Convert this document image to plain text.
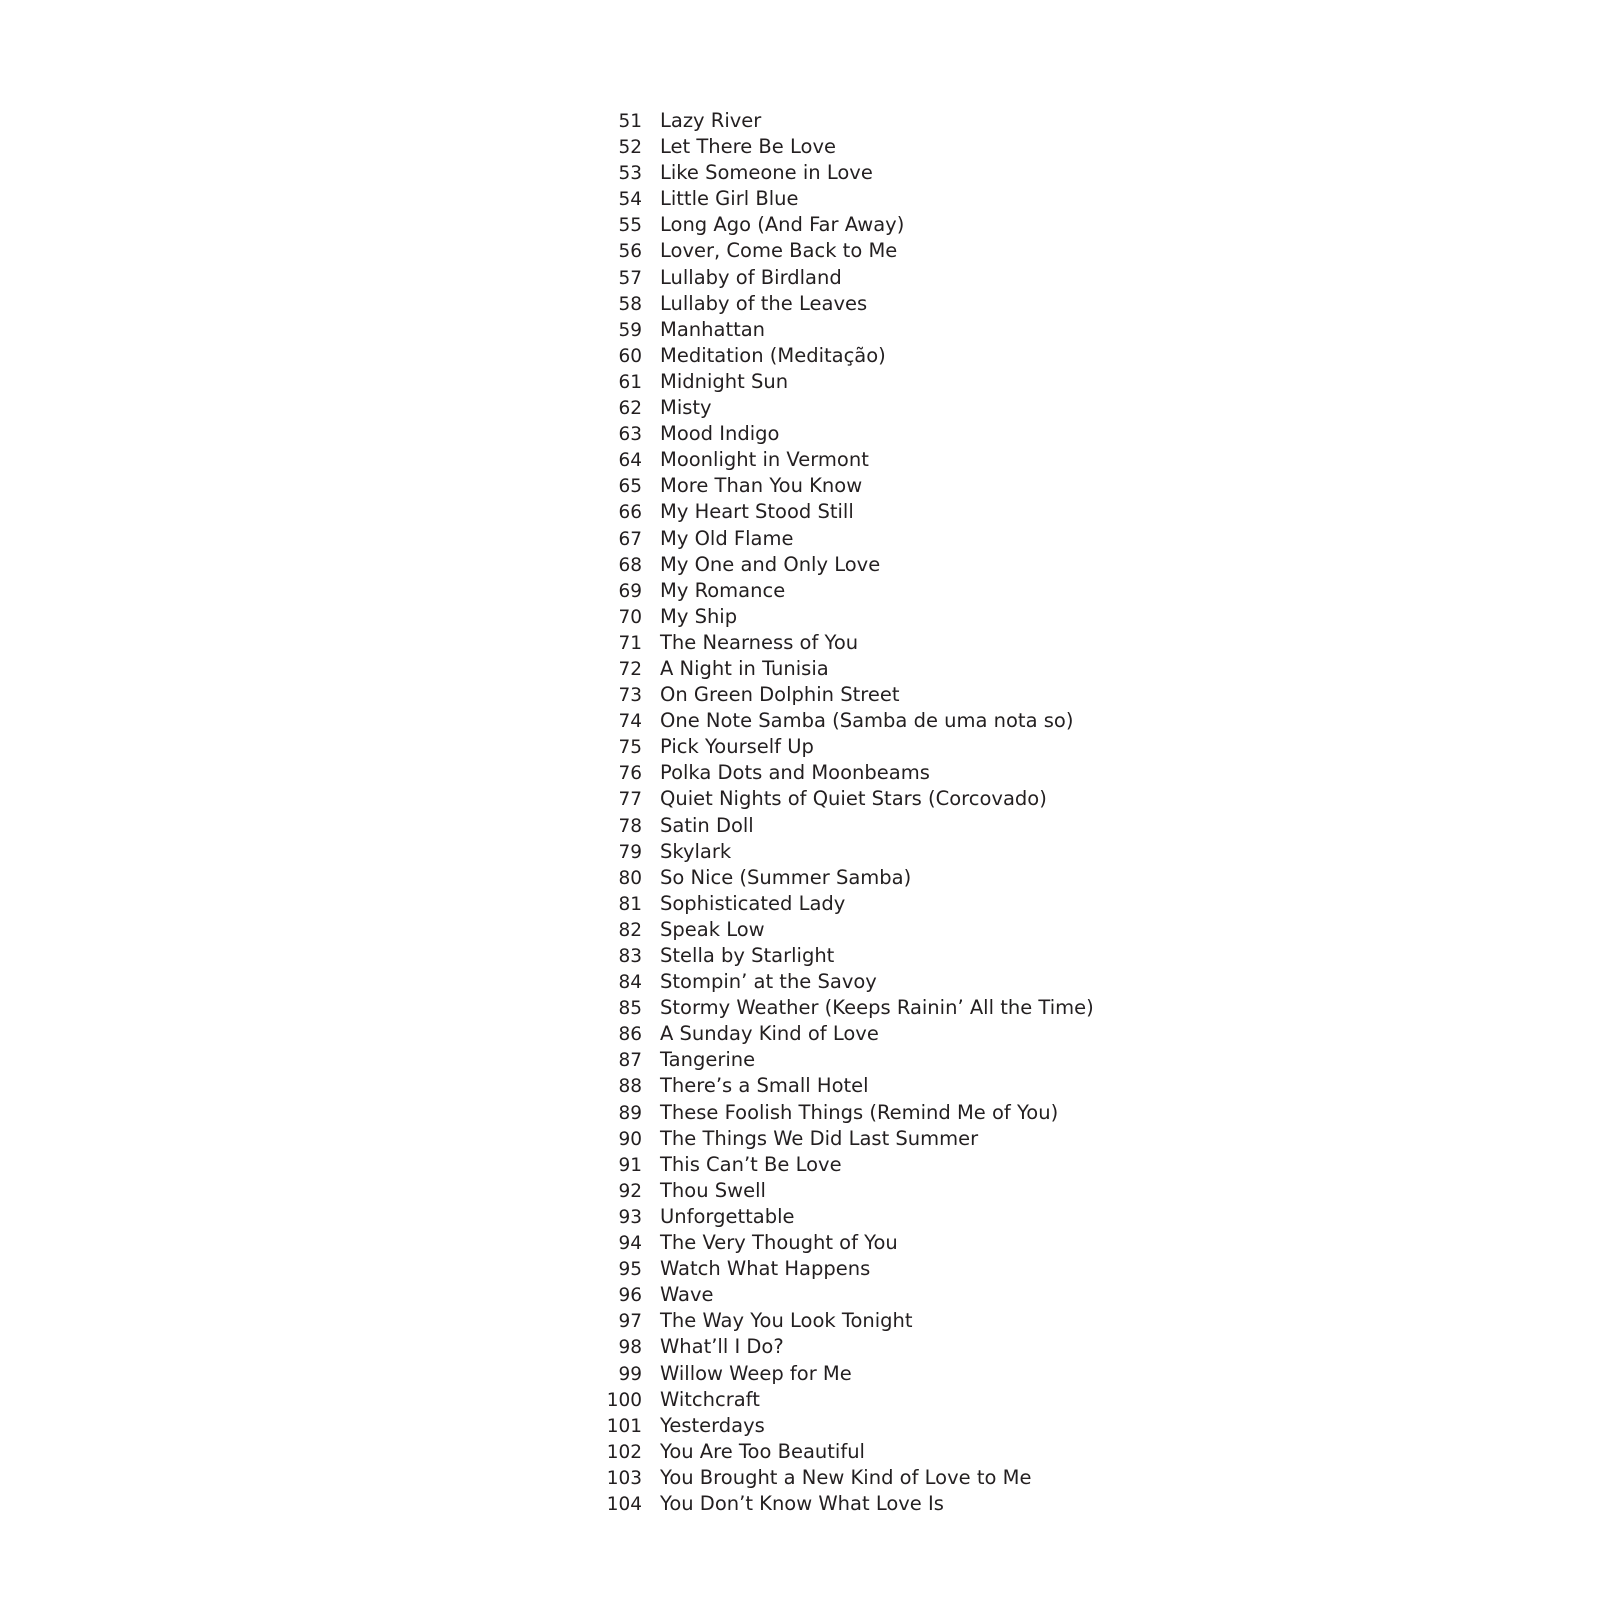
51 Lazy River
52 Let There Be Love
53 Like Someone in Love
54 Little Girl Blue
55 Long Ago (And Far Away)
56 Lover, Come Back to Me
57 Lullaby of Birdland
58 Lullaby of the Leaves
59 Manhattan
60 Meditation (Meditação)
61 Midnight Sun
62 Misty
63 Mood Indigo
64 Moonlight in Vermont
65 More Than You Know
66 My Heart Stood Still
67 My Old Flame
68 My One and Only Love
69 My Romance
70 My Ship
71 The Nearness of You
72 A Night in Tunisia
73 On Green Dolphin Street
74 One Note Samba (Samba de uma nota so)
75 Pick Yourself Up
76 Polka Dots and Moonbeams
77 Quiet Nights of Quiet Stars (Corcovado)
78 Satin Doll
79 Skylark
80 So Nice (Summer Samba)
81 Sophisticated Lady
82 Speak Low
83 Stella by Starlight
84 Stompin’ at the Savoy
85 Stormy Weather (Keeps Rainin’ All the Time)
86 A Sunday Kind of Love
87 Tangerine
88 There’s a Small Hotel
89 These Foolish Things (Remind Me of You)
90 The Things We Did Last Summer
91 This Can’t Be Love
92 Thou Swell
93 Unforgettable
94 The Very Thought of You
95 Watch What Happens
96 Wave
97 The Way You Look Tonight
98 What’ll I Do?
99 Willow Weep for Me
100 Witchcraft
101 Yesterdays
102 You Are Too Beautiful
103 You Brought a New Kind of Love to Me
104 You Don’t Know What Love Is
